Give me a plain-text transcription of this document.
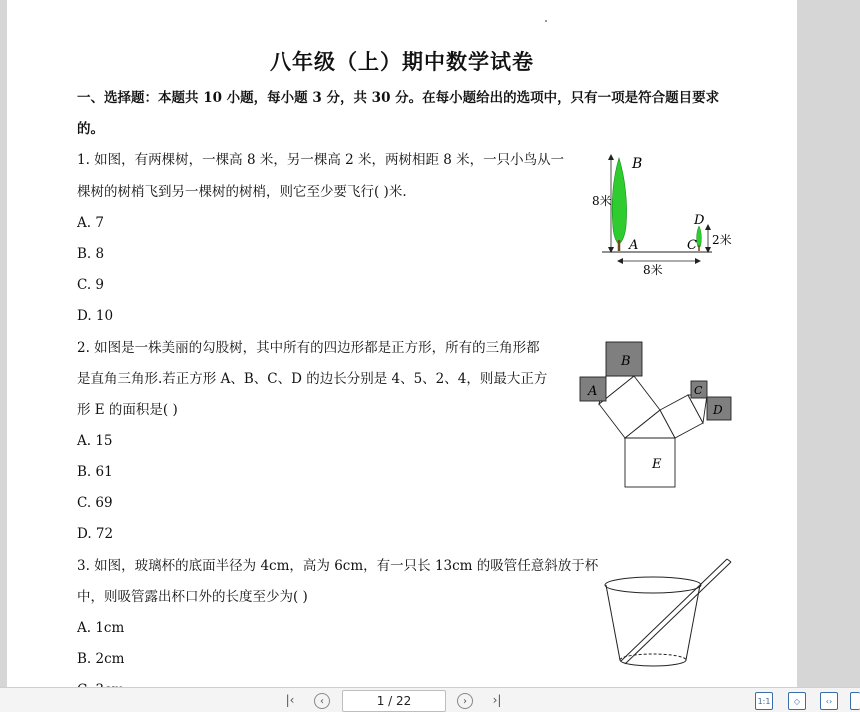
八年级（上）期中数学试卷
一、选择题：本题共 10 小题，每小题 3 分，共 30 分。在每小题给出的选项中，只有一项是符合题目要求
的。
1. 如图，有两棵树，一棵高 8 米，另一棵高 2 米，两树相距 8 米，一只小鸟从一
棵树的树梢飞到另一棵树的树梢，则它至少要飞行( )米.
A. 7
B. 8
C. 9
D. 10
8米
B
A	2米
D
C
8米
2. 如图是一株美丽的勾股树，其中所有的四边形都是正方形，所有的三角形都
是直角三角形.若正方形 A、B、C、D 的边长分别是 4、5、2、4，则最大正方
形 E 的面积是( )
A. 15
B. 61
C. 69
D. 72
A
B
C
D
E
3. 如图，玻璃杯的底面半径为 4cm，高为 6cm，有一只长 13cm 的吸管任意斜放于杯
中，则吸管露出杯口外的长度至少为( )
A. 1cm
B. 2cm
|‹	‹	1 / 22	›	›|	1:1	◇	‹›
